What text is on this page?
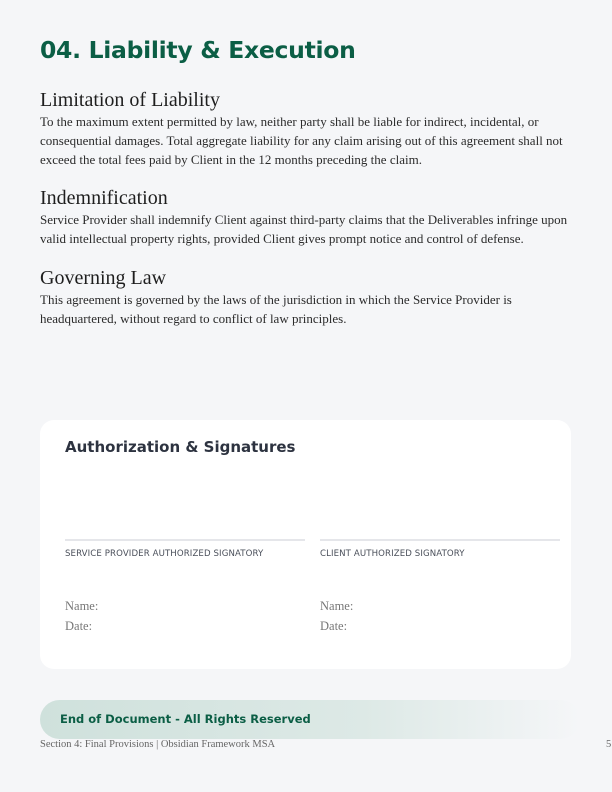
04. Liability & Execution
Limitation of Liability
To the maximum extent permitted by law, neither party shall be liable for indirect, incidental, or consequential damages. Total aggregate liability for any claim arising out of this agreement shall not exceed the total fees paid by Client in the 12 months preceding the claim.
Indemnification
Service Provider shall indemnify Client against third-party claims that the Deliverables infringe upon valid intellectual property rights, provided Client gives prompt notice and control of defense.
Governing Law
This agreement is governed by the laws of the jurisdiction in which the Service Provider is headquartered, without regard to conflict of law principles.
Authorization & Signatures
SERVICE PROVIDER AUTHORIZED SIGNATORY	CLIENT AUTHORIZED SIGNATORY
Name:
Date:
Name:
Date:
End of Document - All Rights Reserved
Section 4: Final Provisions | Obsidian Framework MSA	5
